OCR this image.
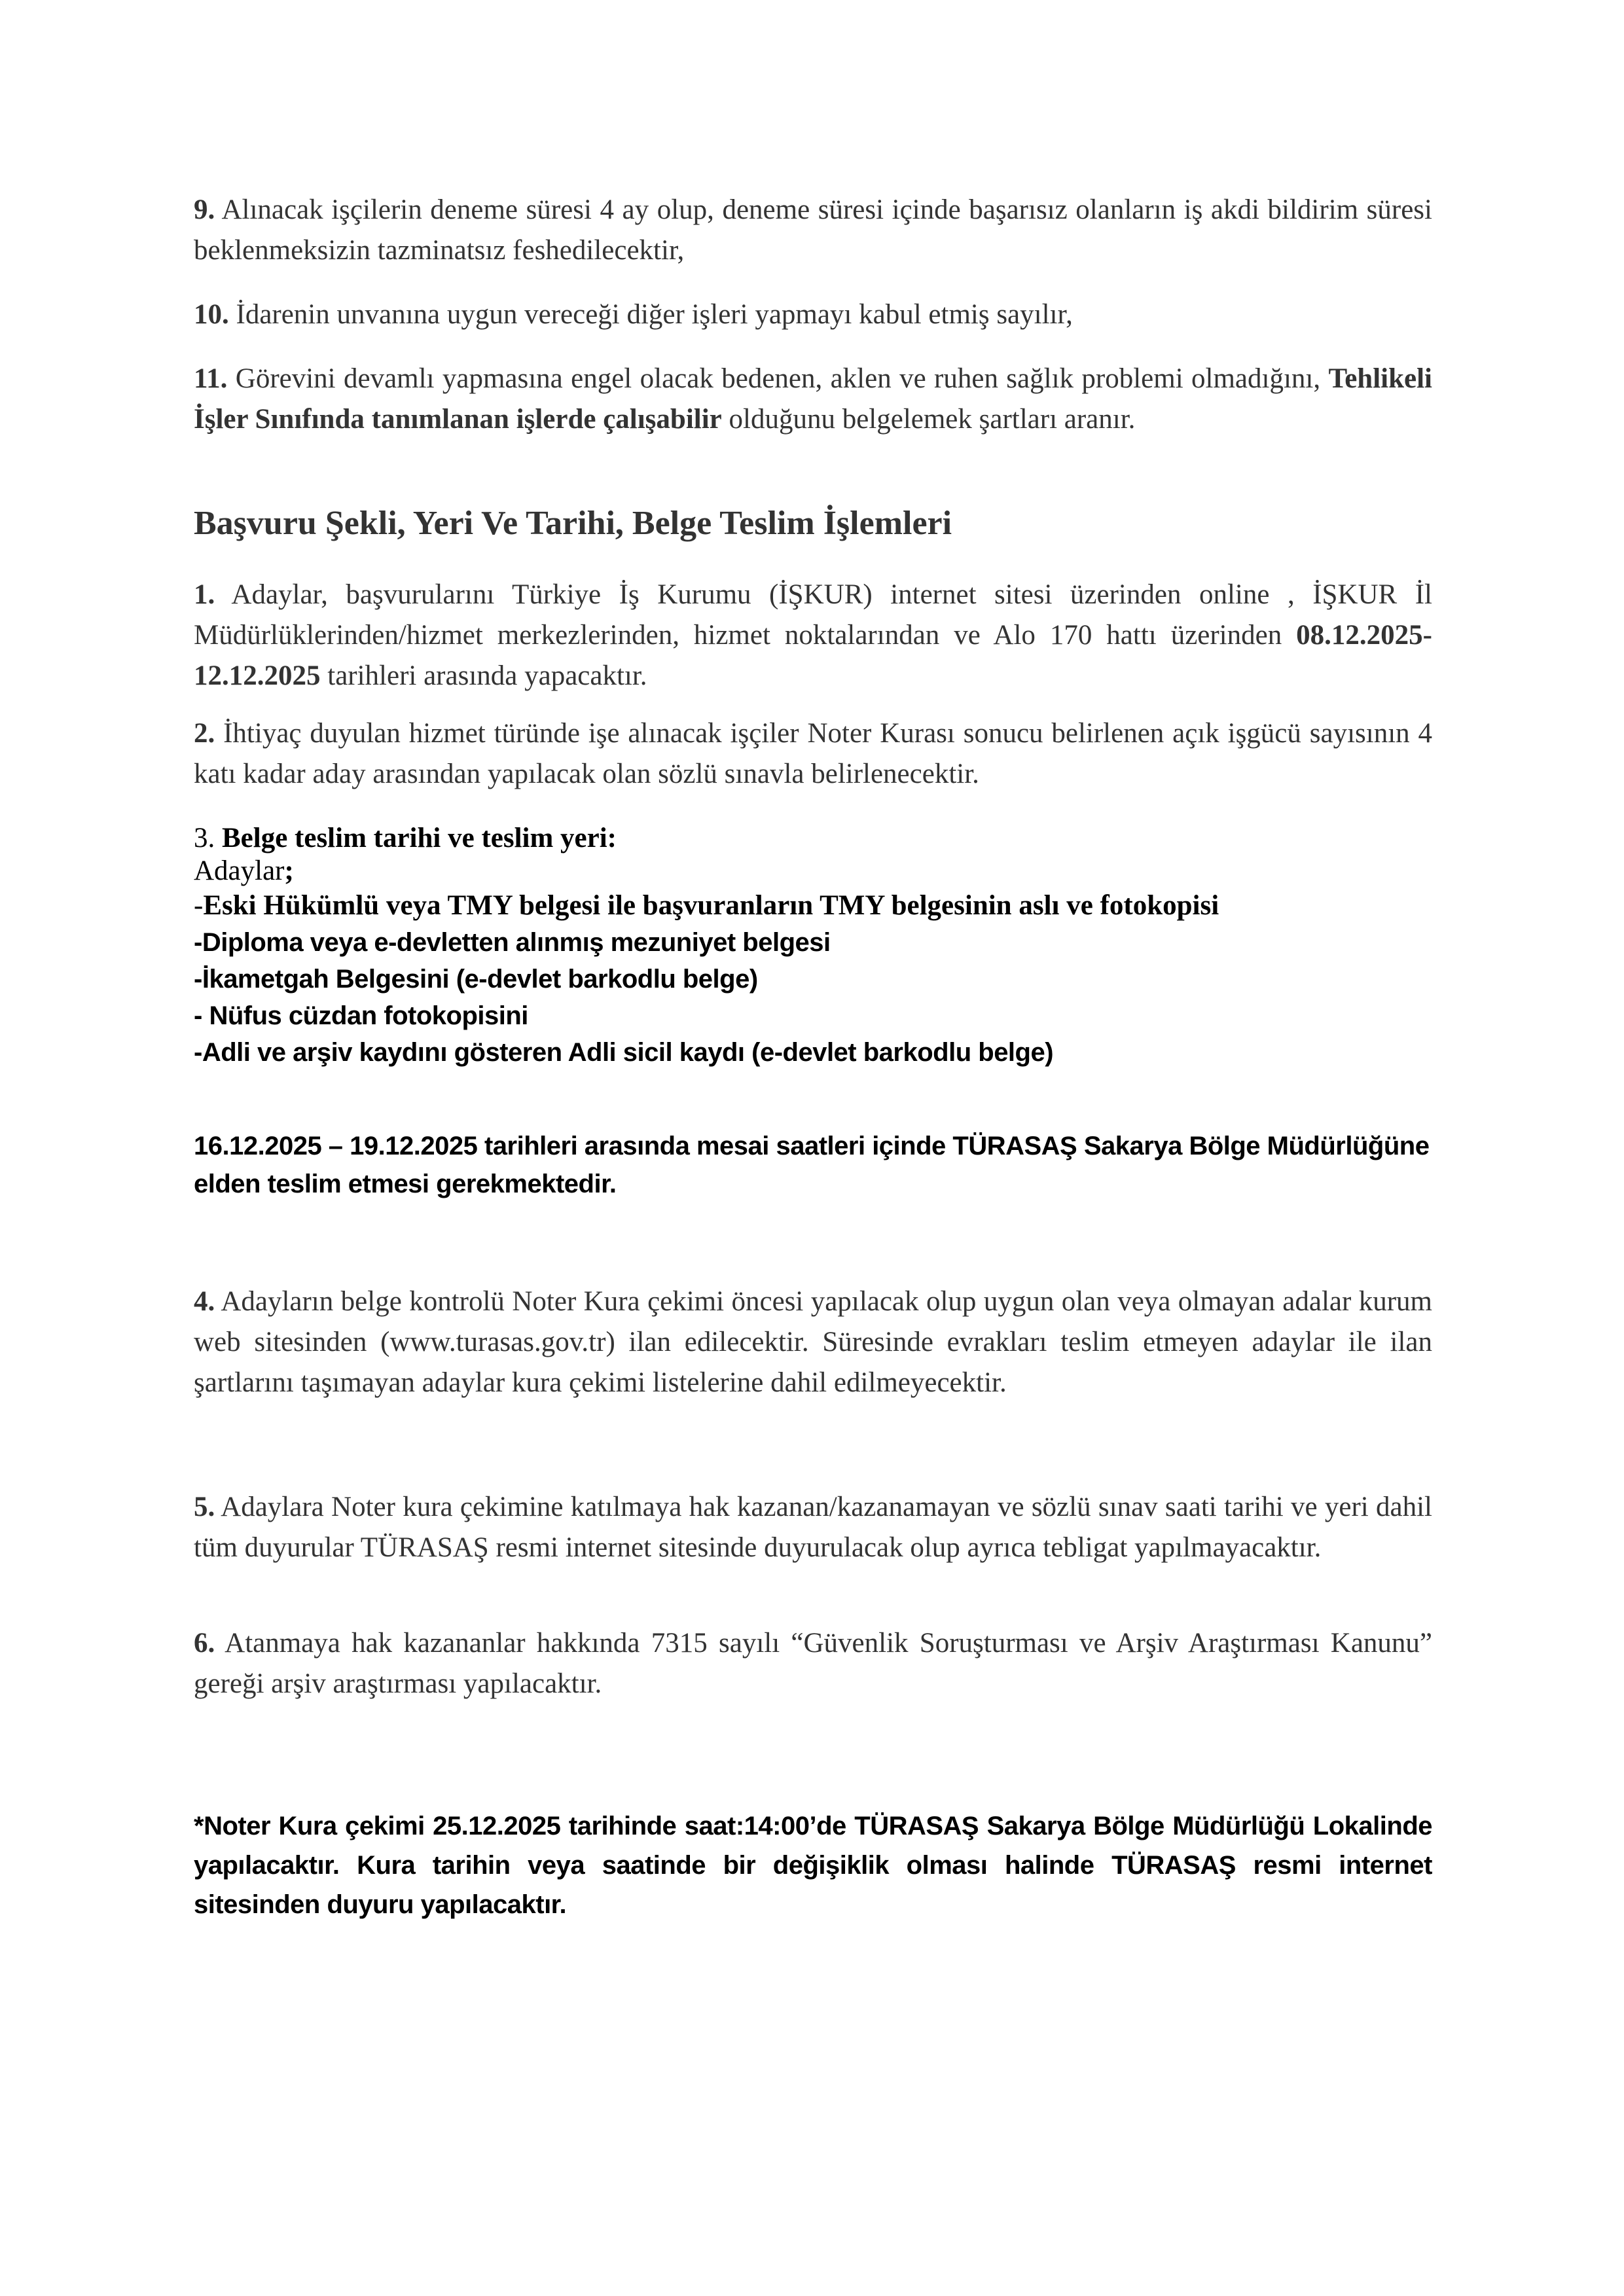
9. Alınacak işçilerin deneme süresi 4 ay olup, deneme süresi içinde başarısız olanların iş akdi bildirim süresi beklenmeksizin tazminatsız feshedilecektir,

10. İdarenin unvanına uygun vereceği diğer işleri yapmayı kabul etmiş sayılır,

11. Görevini devamlı yapmasına engel olacak bedenen, aklen ve ruhen sağlık problemi olmadığını, Tehlikeli İşler Sınıfında tanımlanan işlerde çalışabilir olduğunu belgelemek şartları aranır.

Başvuru Şekli, Yeri Ve Tarihi, Belge Teslim İşlemleri

1. Adaylar, başvurularını Türkiye İş Kurumu (İŞKUR) internet sitesi üzerinden online , İŞKUR İl Müdürlüklerinden/hizmet merkezlerinden, hizmet noktalarından ve Alo 170 hattı üzerinden 08.12.2025- 12.12.2025 tarihleri arasında yapacaktır.

2. İhtiyaç duyulan hizmet türünde işe alınacak işçiler Noter Kurası sonucu belirlenen açık işgücü sayısının 4 katı kadar aday arasından yapılacak olan sözlü sınavla belirlenecektir.

3. Belge teslim tarihi ve teslim yeri:
Adaylar;
-Eski Hükümlü veya TMY belgesi ile başvuranların TMY belgesinin aslı ve fotokopisi
-Diploma veya e-devletten alınmış mezuniyet belgesi
-İkametgah Belgesini (e-devlet barkodlu belge)
- Nüfus cüzdan fotokopisini
-Adli ve arşiv kaydını gösteren Adli sicil kaydı (e-devlet barkodlu belge)

16.12.2025 – 19.12.2025 tarihleri arasında mesai saatleri içinde TÜRASAŞ Sakarya Bölge Müdürlüğüne elden teslim etmesi gerekmektedir.

4. Adayların belge kontrolü Noter Kura çekimi öncesi yapılacak olup uygun olan veya olmayan adalar kurum web sitesinden (www.turasas.gov.tr) ilan edilecektir. Süresinde evrakları teslim etmeyen adaylar ile ilan şartlarını taşımayan adaylar kura çekimi listelerine dahil edilmeyecektir.

5. Adaylara Noter kura çekimine katılmaya hak kazanan/kazanamayan ve sözlü sınav saati tarihi ve yeri dahil tüm duyurular TÜRASAŞ resmi internet sitesinde duyurulacak olup ayrıca tebligat yapılmayacaktır.

6. Atanmaya hak kazananlar hakkında 7315 sayılı “Güvenlik Soruşturması ve Arşiv Araştırması Kanunu” gereği arşiv araştırması yapılacaktır.

*Noter Kura çekimi 25.12.2025 tarihinde saat:14:00’de TÜRASAŞ Sakarya Bölge Müdürlüğü Lokalinde yapılacaktır. Kura tarihin veya saatinde bir değişiklik olması halinde TÜRASAŞ resmi internet sitesinden duyuru yapılacaktır.
